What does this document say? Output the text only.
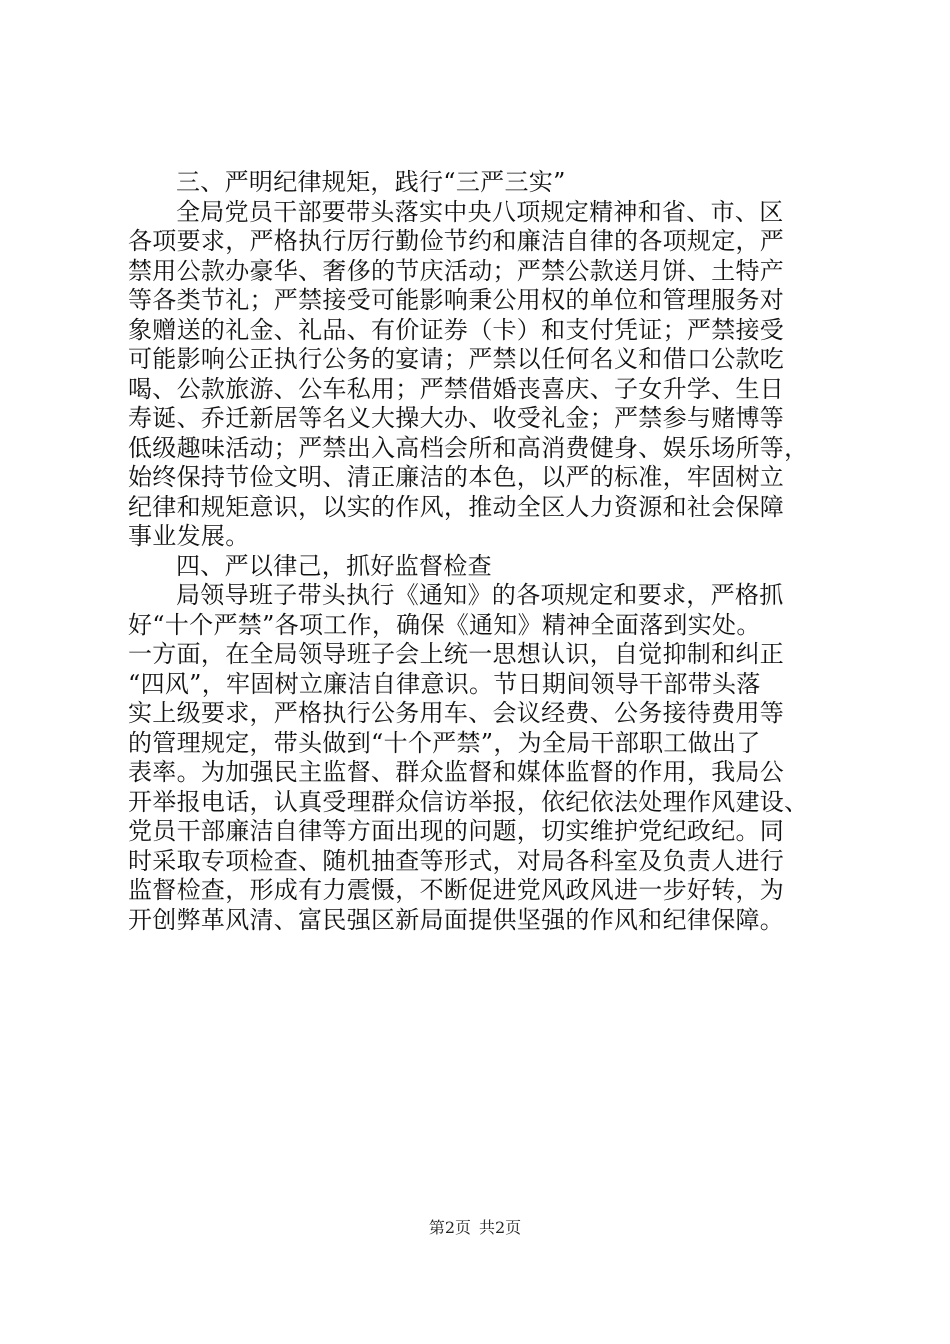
三、严明纪律规矩，践行“三严三实”
全局党员干部要带头落实中央八项规定精神和省、市、区
各项要求，严格执行厉行勤俭节约和廉洁自律的各项规定，严
禁用公款办豪华、奢侈的节庆活动；严禁公款送月饼、土特产
等各类节礼；严禁接受可能影响秉公用权的单位和管理服务对
象赠送的礼金、礼品、有价证券（卡）和支付凭证；严禁接受
可能影响公正执行公务的宴请；严禁以任何名义和借口公款吃
喝、公款旅游、公车私用；严禁借婚丧喜庆、子女升学、生日
寿诞、乔迁新居等名义大操大办、收受礼金；严禁参与赌博等
低级趣味活动；严禁出入高档会所和高消费健身、娱乐场所等，
始终保持节俭文明、清正廉洁的本色，以严的标准，牢固树立
纪律和规矩意识，以实的作风，推动全区人力资源和社会保障
事业发展。
四、严以律己，抓好监督检查
局领导班子带头执行《通知》的各项规定和要求，严格抓
好“十个严禁”各项工作，确保《通知》精神全面落到实处。
一方面，在全局领导班子会上统一思想认识，自觉抑制和纠正
“四风”，牢固树立廉洁自律意识。节日期间领导干部带头落
实上级要求，严格执行公务用车、会议经费、公务接待费用等
的管理规定，带头做到“十个严禁”，为全局干部职工做出了
表率。为加强民主监督、群众监督和媒体监督的作用，我局公
开举报电话，认真受理群众信访举报，依纪依法处理作风建设、
党员干部廉洁自律等方面出现的问题，切实维护党纪政纪。同
时采取专项检查、随机抽查等形式，对局各科室及负责人进行
监督检查，形成有力震慑，不断促进党风政风进一步好转，为
开创弊革风清、富民强区新局面提供坚强的作风和纪律保障。
第2页 共2页
